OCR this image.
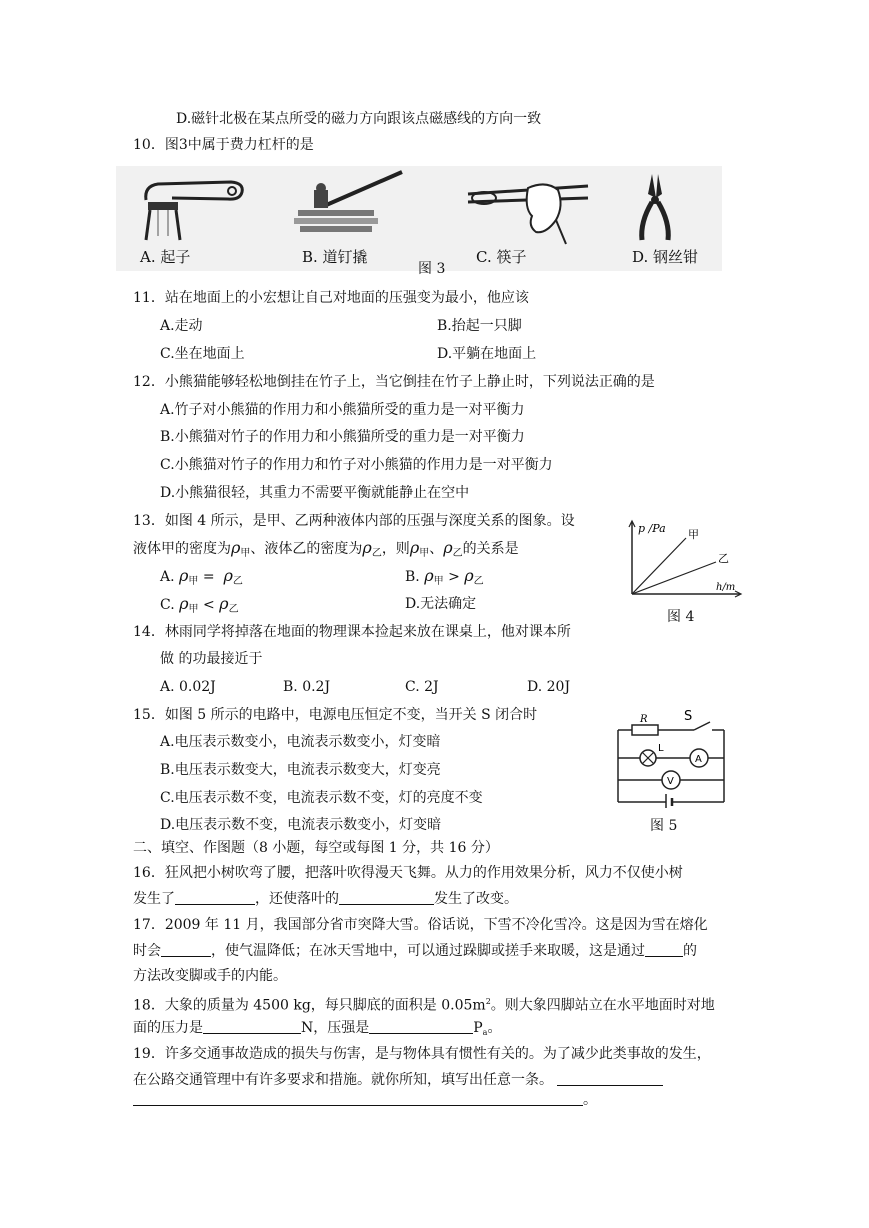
D.磁针北极在某点所受的磁力方向跟该点磁感线的方向一致
10．图3中属于费力杠杆的是
A. 起子	B. 道钉撬	C. 筷子	D. 钢丝钳
图 3
11．站在地面上的小宏想让自己对地面的压强变为最小，他应该
A.走动	B.抬起一只脚
C.坐在地面上	D.平躺在地面上
12．小熊猫能够轻松地倒挂在竹子上，当它倒挂在竹子上静止时，下列说法正确的是
A.竹子对小熊猫的作用力和小熊猫所受的重力是一对平衡力
B.小熊猫对竹子的作用力和小熊猫所受的重力是一对平衡力
C.小熊猫对竹子的作用力和竹子对小熊猫的作用力是一对平衡力
D.小熊猫很轻，其重力不需要平衡就能静止在空中
13．如图 4 所示，是甲、乙两种液体内部的压强与深度关系的图象。设
液体甲的密度为$\rho_甲$、液体乙的密度为$\rho_乙$，则$\rho_甲$、$\rho_乙$的关系是
A. $\rho_甲 = \rho_乙$	B. $\rho_甲 > \rho_乙$
C. $\rho_甲 < \rho_乙$	D.无法确定
p /Pa 甲
乙
h/m
图 4
14．林雨同学将掉落在地面的物理课本捡起来放在课桌上，他对课本所
做 的功最接近于
A. 0.02J	B. 0.2J	C. 2J	D. 20J
15．如图 5 所示的电路中，电源电压恒定不变，当开关 S 闭合时
A.电压表示数变小，电流表示数变小，灯变暗
B.电压表示数变大，电流表示数变大，灯变亮
C.电压表示数不变，电流表示数不变，灯的亮度不变
D.电压表示数不变，电流表示数变小，灯变暗
R	S
L
A
V
图 5
二、填空、作图题（8 小题，每空或每图 1 分，共 16 分）
16．狂风把小树吹弯了腰，把落叶吹得漫天飞舞。从力的作用效果分析，风力不仅使小树
发生了	，还使落叶的	发生了改变。
17．2009 年 11 月，我国部分省市突降大雪。俗话说，下雪不冷化雪冷。这是因为雪在熔化
时会	，使气温降低；在冰天雪地中，可以通过跺脚或搓手来取暖，这是通过	的
方法改变脚或手的内能。
18．大象的质量为 4500 kg，每只脚底的面积是 $0.05m^2$。则大象四脚站立在水平地面时对地
面的压力是	N，压强是	$P_a$。
19．许多交通事故造成的损失与伤害，是与物体具有惯性有关的。为了减少此类事故的发生，
在公路交通管理中有许多要求和措施。就你所知，填写出任意一条。
。
